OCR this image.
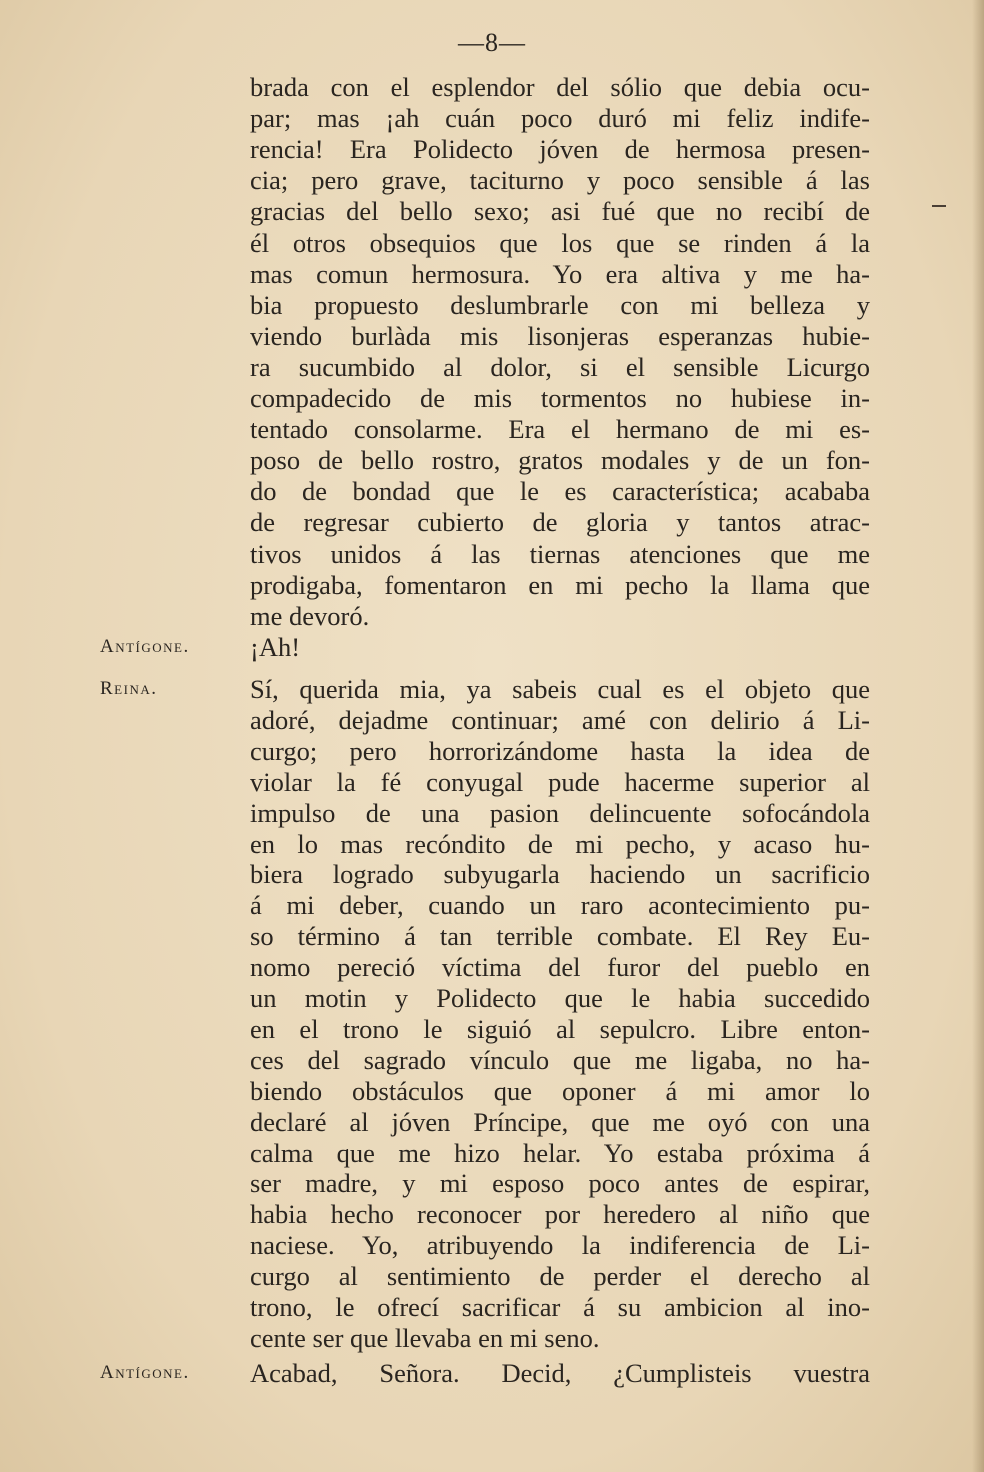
—8—
brada con el esplendor del sólio que debia ocu-
par; mas ¡ah cuán poco duró mi feliz indife-
rencia! Era Polidecto jóven de hermosa presen-
cia; pero grave, taciturno y poco sensible á las
gracias del bello sexo; asi fué que no recibí de
él otros obsequios que los que se rinden á la
mas comun hermosura. Yo era altiva y me ha-
bia propuesto deslumbrarle con mi belleza y
viendo burlàda mis lisonjeras esperanzas hubie-
ra sucumbido al dolor, si el sensible Licurgo
compadecido de mis tormentos no hubiese in-
tentado consolarme. Era el hermano de mi es-
poso de bello rostro, gratos modales y de un fon-
do de bondad que le es característica; acababa
de regresar cubierto de gloria y tantos atrac-
tivos unidos á las tiernas atenciones que me
prodigaba, fomentaron en mi pecho la llama que
me devoró.
Antígone. ¡Ah!
Reina.	Sí, querida mia, ya sabeis cual es el objeto que
adoré, dejadme continuar; amé con delirio á Li-
curgo; pero horrorizándome hasta la idea de
violar la fé conyugal pude hacerme superior al
impulso de una pasion delincuente sofocándola
en lo mas recóndito de mi pecho, y acaso hu-
biera logrado subyugarla haciendo un sacrificio
á mi deber, cuando un raro acontecimiento pu-
so término á tan terrible combate. El Rey Eu-
nomo pereció víctima del furor del pueblo en
un motin y Polidecto que le habia succedido
en el trono le siguió al sepulcro. Libre enton-
ces del sagrado vínculo que me ligaba, no ha-
biendo obstáculos que oponer á mi amor lo
declaré al jóven Príncipe, que me oyó con una
calma que me hizo helar. Yo estaba próxima á
ser madre, y mi esposo poco antes de espirar,
habia hecho reconocer por heredero al niño que
naciese. Yo, atribuyendo la indiferencia de Li-
curgo al sentimiento de perder el derecho al
trono, le ofrecí sacrificar á su ambicion al ino-
cente ser que llevaba en mi seno.
Antígone. Acabad, Señora. Decid, ¿Cumplisteis vuestra
